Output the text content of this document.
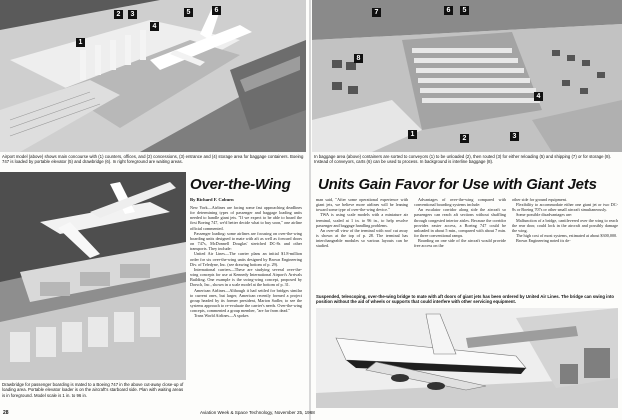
1
2	3
4
5	6
Airport model (above) shows main concourse with (1) counters, offices, and (2) concessions, (3) entrance and (4) storage area for baggage containers. Boeing 747 is loaded by portable elevator (5) and drawbridge (6). In right foreground are waiting areas.
7	6	5
8
4
1
2	3
In baggage area (above) containers are sorted to conveyors (1) to be unloaded (2), then routed (3) for either reloading (5) and shipping (7) or for storage (8). Instead of conveyors, carts (6) can be used to process. In background is interline baggage (8).
Drawbridge for passenger boarding is mated to a Boeing 747 in the above cut-away close-up of loading area. Portable elevator loader is on the aircraft's starboard side. Plan with waiting areas is in foreground. Model scale is 1 in. to 96 in.
Over-the-Wing Units Gain Favor for Use with Giant Jets
By Richard F. Coburn

New York—Airlines are facing some fast approaching deadlines for determining types of passenger and baggage loading units needed to handle giant jets. "If we expect to be able to board the first Boeing 747, we'd better decide what to buy soon," one airline official commented.

Passenger loading: some airlines are focusing on over-the-wing boarding units designed to mate with aft as well as forward doors on 747s, McDonnell Douglas' stretched DC-8s and other transports. They include:

United Air Lines—The carrier plans an initial $1.8-million order for six over-the-wing units designed by Brown Engineering Div. of Teledyne, Inc. (see drawing bottom of p. 29).

International carriers—These are studying several over-the-wing concepts for use at Kennedy International Airport's Arrivals Building. One example is the swing-wing concept, proposed by Dorsch, Inc., shown in a scale model at the bottom of p. 31.

American Airlines—Although it had settled for bridges similar to current ones, but larger, American recently formed a project group headed by its former president, Marion Sadler, to see the systems approach to re-evaluate the carrier's needs. Over-the-wing concepts, commented a group member, "are far from dead."

Trans World Airlines—A spokes

man said, "After some operational experience with giant jets, we believe more airlines will be leaning toward some type of over-the-wing device."

TWA is using scale models with a miniature air terminal, scaled at 1 in. to 96 in., to help resolve passenger and baggage handling problems.

An over-all view of the terminal with roof cut away is shown at the top of p. 28. The terminal has interchangeable modules so various layouts can be studied.

Advantages of over-the-wing compared with conventional boarding systems include:

An escalator corridor along side the aircraft so passengers can reach aft sections without shuffling through congested interior aisles. Because the corridor provides easier access, a Boeing 747 could be unloaded in about 5 min., compared with about 7 min. for three conventional ramps.

Boarding on one side of the aircraft would provide free access on the

other side for ground equipment.

Flexibility to accommodate either one giant jet or two DC-8s or Boeing 707s or other small aircraft simultaneously.

Some possible disadvantages are:

Malfunction of a bridge, cantilevered over the wing to reach the rear door, could lock in the aircraft and possibly damage the wing.

The high cost of most systems, estimated at about $300,000.

Brown Engineering noted its de-

Suspended, telescoping, over-the-wing bridge to mate with aft doors of giant jets has been ordered by United Air Lines. The bridge can swing into position without the aid of wheels or supports that could interfere with other servicing equipment.
28	Aviation Week & Space Technology, November 25, 1968
